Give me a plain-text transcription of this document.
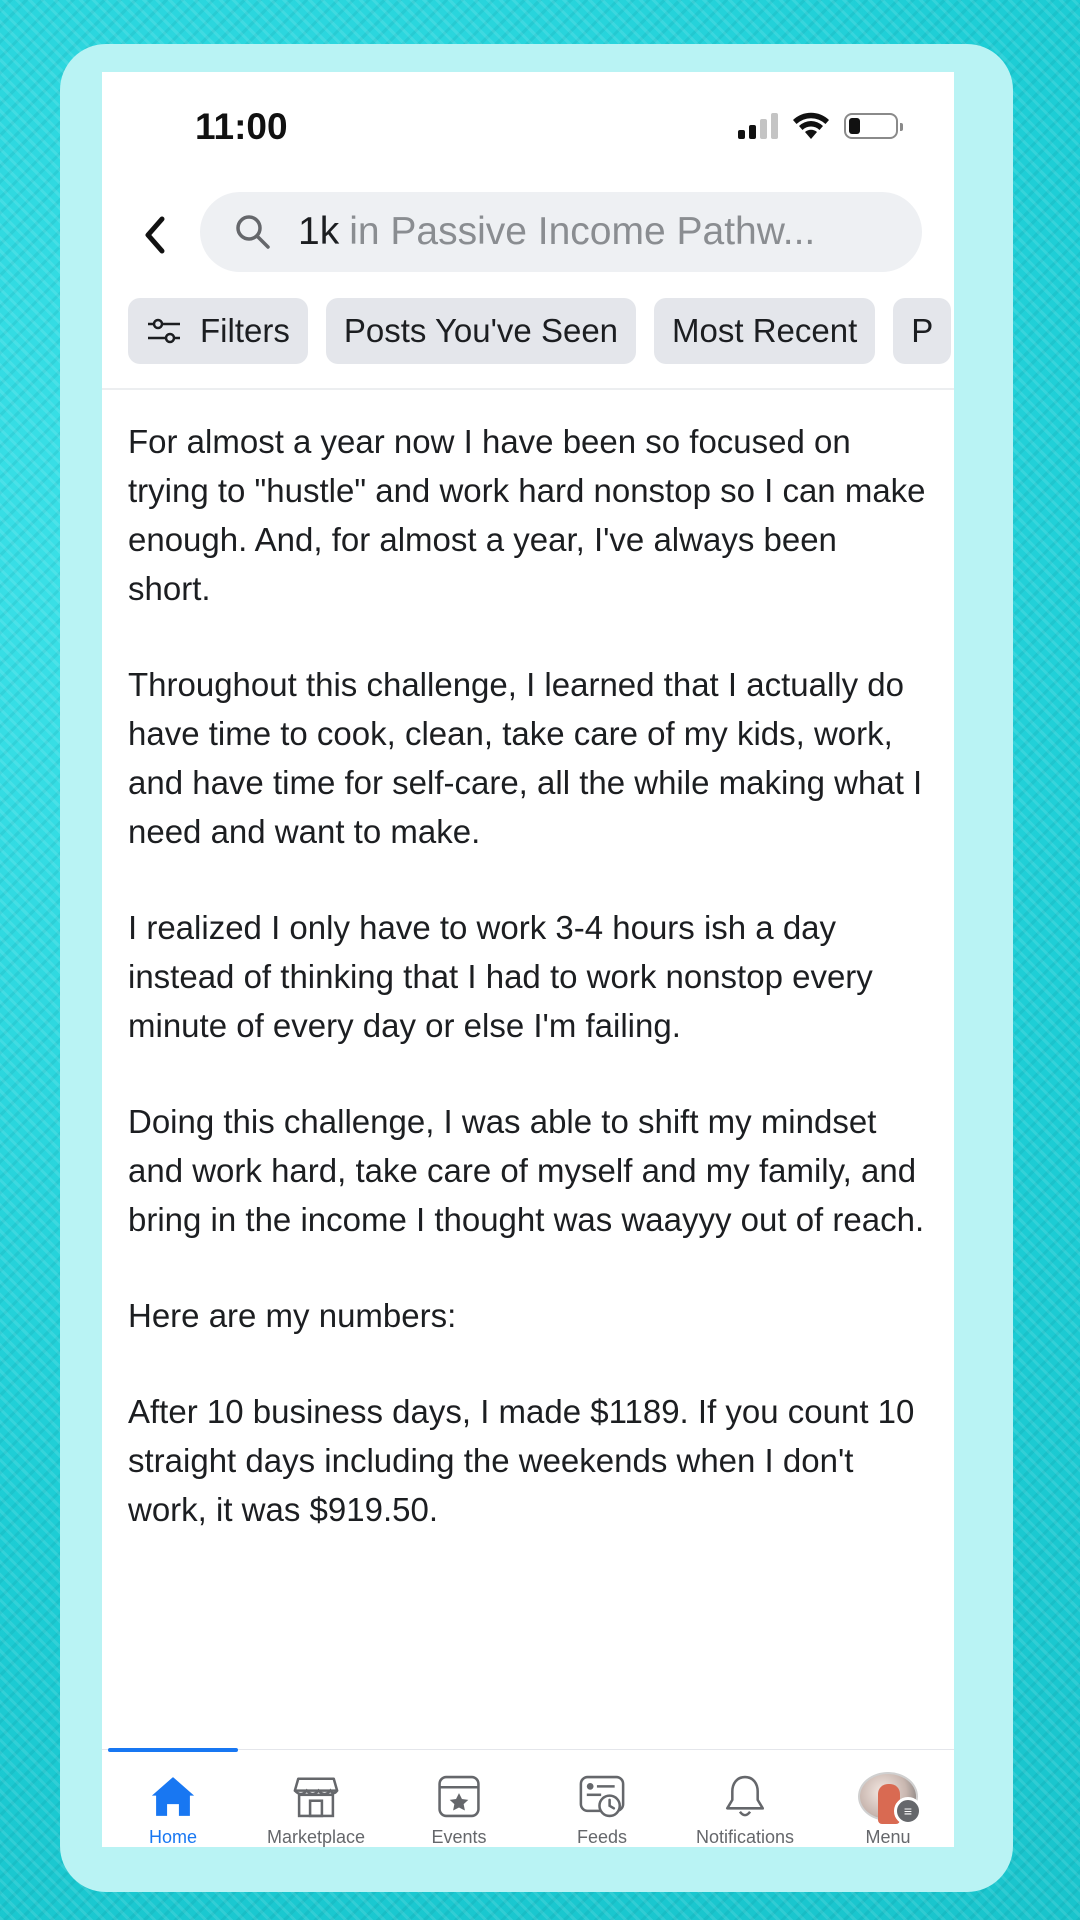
11:00
1k in Passive Income Pathw...
Filters Posts You've Seen Most Recent P

For almost a year now I have been so focused on trying to "hustle" and work hard nonstop so I can make enough. And, for almost a year, I've always been short.

Throughout this challenge, I learned that I actually do have time to cook, clean, take care of my kids, work, and have time for self-care, all the while making what I need and want to make.

I realized I only have to work 3-4 hours ish a day instead of thinking that I had to work nonstop every minute of every day or else I'm failing.

Doing this challenge, I was able to shift my mindset and work hard, take care of myself and my family, and bring in the income I thought was waayyy out of reach.

Here are my numbers:

After 10 business days, I made $1189. If you count 10 straight days including the weekends when I don't work, it was $919.50.

Home	Marketplace	Events	Feeds	Notifications
≡
Menu
